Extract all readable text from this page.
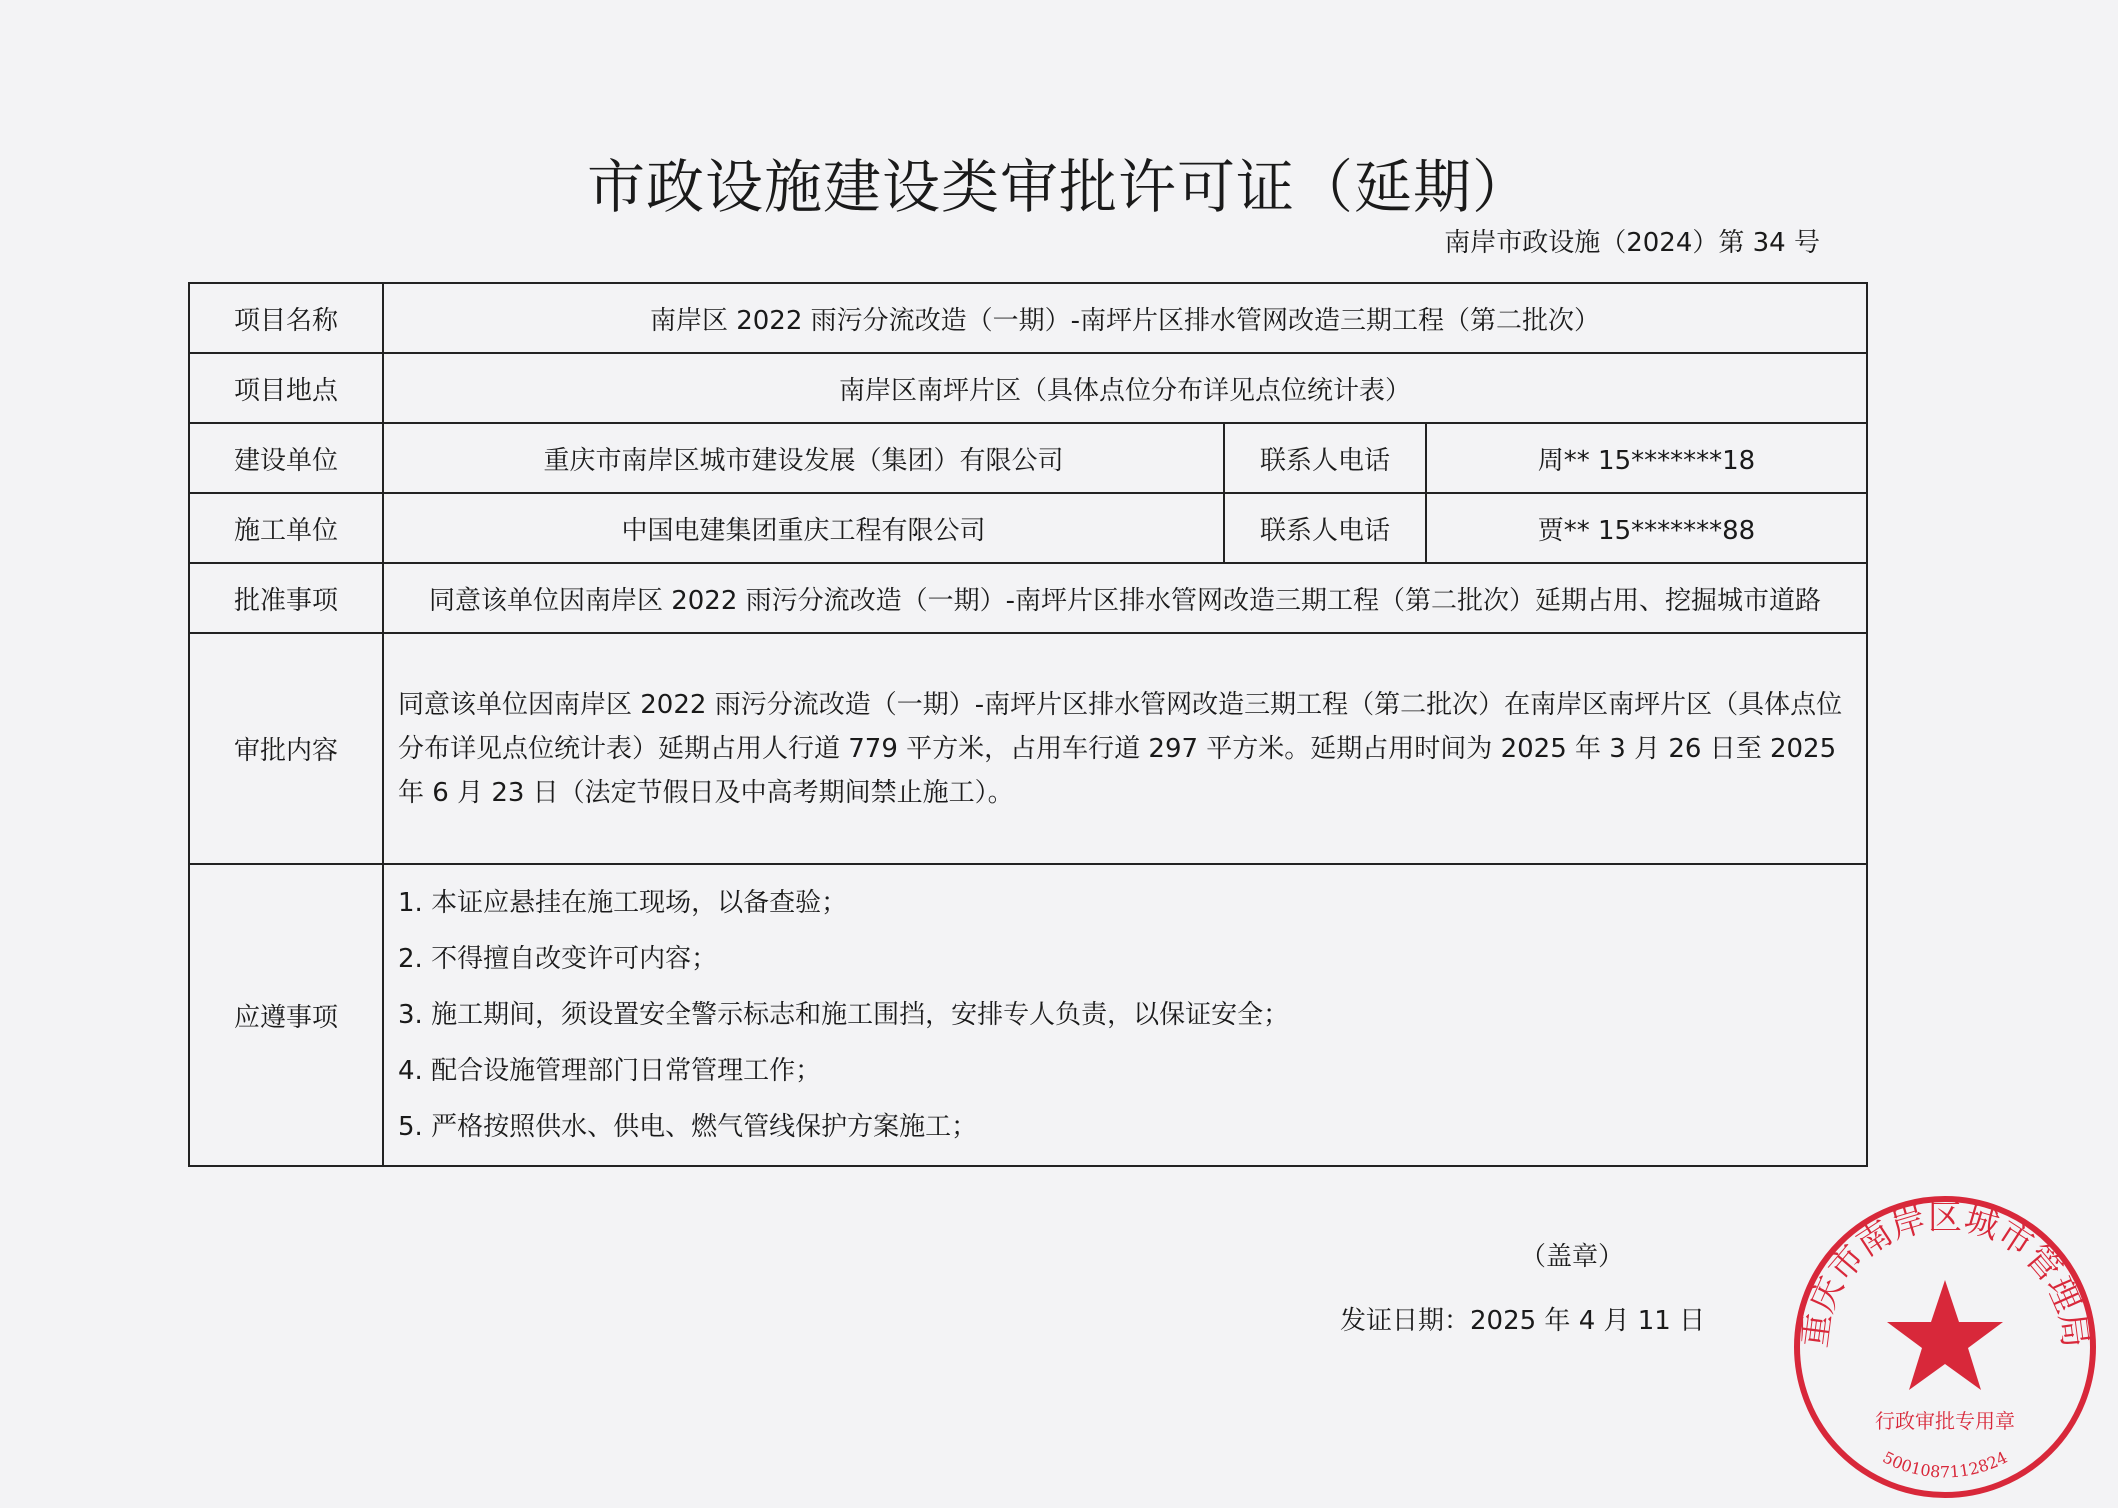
市政设施建设类审批许可证（延期）
南岸市政设施（2024）第 34 号
项目名称	南岸区 2022 雨污分流改造（一期）-南坪片区排水管网改造三期工程（第二批次）		
项目地点	南岸区南坪片区（具体点位分布详见点位统计表）		
建设单位	重庆市南岸区城市建设发展（集团）有限公司	联系人电话	周** 15*******18
施工单位	中国电建集团重庆工程有限公司	联系人电话	贾** 15*******88
批准事项	同意该单位因南岸区 2022 雨污分流改造（一期）-南坪片区排水管网改造三期工程（第二批次）延期占用、挖掘城市道路		
审批内容	同意该单位因南岸区 2022 雨污分流改造（一期）-南坪片区排水管网改造三期工程（第二批次）在南岸区南坪片区（具体点位分布详见点位统计表）延期占用人行道 779 平方米，占用车行道 297 平方米。延期占用时间为 2025 年 3 月 26 日至 2025 年 6 月 23 日（法定节假日及中高考期间禁止施工）。		
应遵事项	1. 本证应悬挂在施工现场，以备查验；
2. 不得擅自改变许可内容；
3. 施工期间，须设置安全警示标志和施工围挡，安排专人负责，以保证安全；
4. 配合设施管理部门日常管理工作；
5. 严格按照供水、供电、燃气管线保护方案施工；		
（盖章）
发证日期：2025 年 4 月 11 日	重庆市南岸区城市管理局
行政审批专用章
5001087112824
